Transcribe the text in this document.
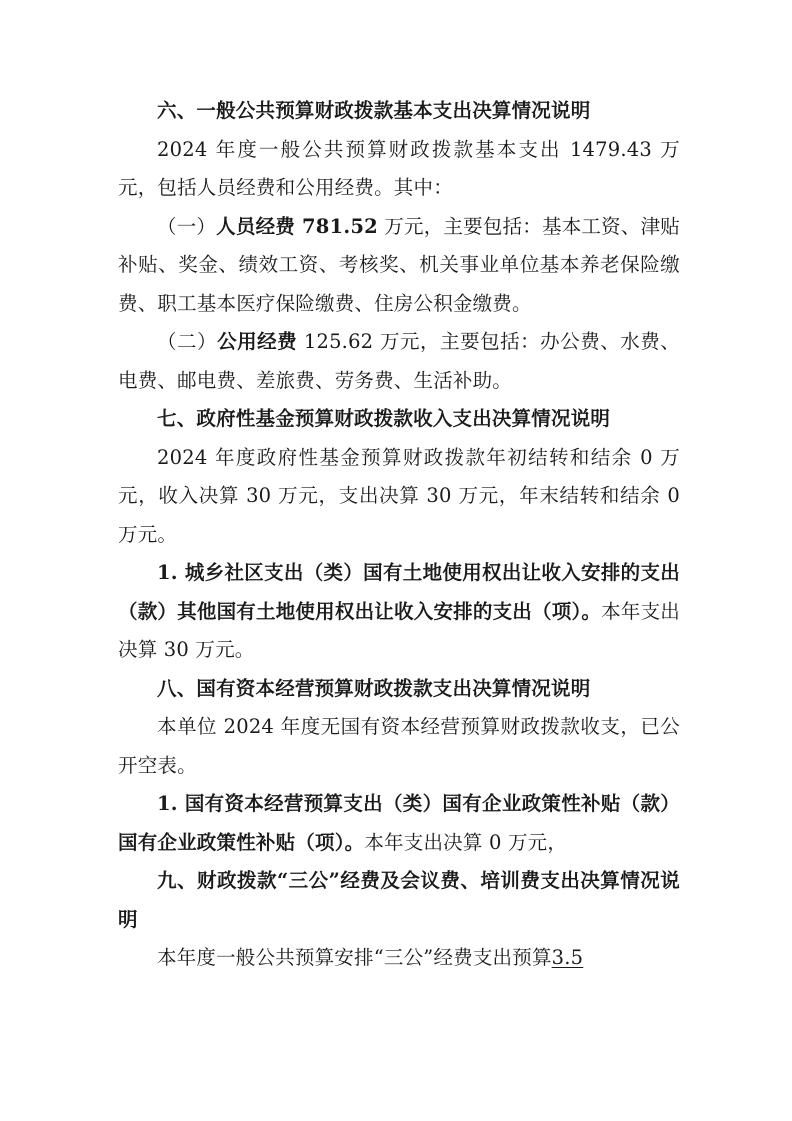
六、一般公共预算财政拨款基本支出决算情况说明

2024 年度一般公共预算财政拨款基本支出 1479.43 万元，包括人员经费和公用经费。其中：

（一）人员经费 781.52 万元，主要包括：基本工资、津贴补贴、奖金、绩效工资、考核奖、机关事业单位基本养老保险缴费、职工基本医疗保险缴费、住房公积金缴费。

（二）公用经费 125.62 万元，主要包括：办公费、水费、电费、邮电费、差旅费、劳务费、生活补助。

七、政府性基金预算财政拨款收入支出决算情况说明

2024 年度政府性基金预算财政拨款年初结转和结余 0 万元，收入决算 30 万元，支出决算 30 万元，年末结转和结余 0 万元。

1. 城乡社区支出（类）国有土地使用权出让收入安排的支出（款）其他国有土地使用权出让收入安排的支出（项）。本年支出决算 30 万元。

八、国有资本经营预算财政拨款支出决算情况说明

本单位 2024 年度无国有资本经营预算财政拨款收支，已公开空表。

1. 国有资本经营预算支出（类）国有企业政策性补贴（款）国有企业政策性补贴（项）。本年支出决算 0 万元，

九、财政拨款“三公”经费及会议费、培训费支出决算情况说明

本年度一般公共预算安排“三公”经费支出预算3.5
